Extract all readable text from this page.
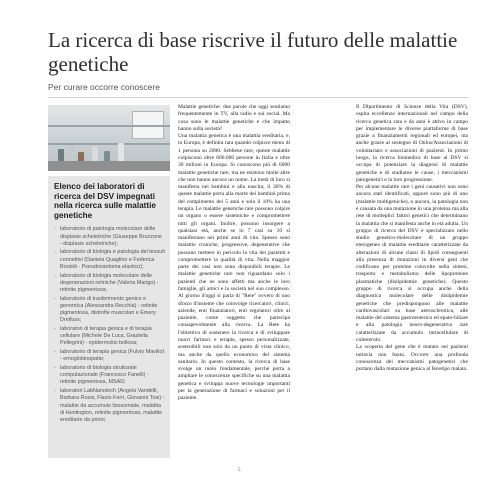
La ricerca di base riscrive il futuro delle malattie genetiche
Per curare occorre conoscere
Elenco dei laboratori di ricerca del DSV impegnati nella ricerca sulle malattie genetiche
- laboratorio di patologia molecolare delle displasie scheletriche (Giuseppe Bruzzone - displasie scheletriche);
- laboratorio di biologia e patologia dei tessuti connettivi (Daniela Quaglino e Federica Boraldi - Pseudoxantoma elastico);
- laboratorio di biologia molecolare delle degenerazioni retiniche (Valeria Marigo) - retinite pigmentosa;
- laboratorio di trasferimento genico e genomica (Alessandra Recchia) - retinite pigmentosa, distrofie muscolari e Emery Dreifuss;
- laboratori di terapia genica e di terapia cellulare (Michele De Luca, Graziella Pellegrini) - epidermolisi bollosa;
- laboratorio di terapia genica (Fulvio Mavilio) - emoglobinopatie;
- laboratorio di biologia strutturale computazionale (Francesco Fanelli) - retinite pigmentosa, MSAD;
- laboratori LabNanotech (Angela Vandelli, Barbara Rossi, Flavio Ferri, Giovanni Tosi) - malattie da accumulo lisosomiale, malattia di Huntington, retinite pigmentosa, malattie ereditarie da prioni.

Malattie genetiche: due parole che oggi sentiamo frequentemente in TV, alla radio e sui social. Ma cosa sono le malattie genetiche e che impatto hanno sulla società?

Una malattia genetica è una malattia ereditaria, e, in Europa, è definita rara quando colpisce meno di 1 persona su 2000. Sebbene rare, queste malattie colpiscono oltre 600.000 persone in Italia e oltre 30 milioni in Europa. Si conoscono più di 6000 malattie genetiche rare, ma ne esistono molte altre che non hanno ancora un nome. La metà di loro si manifesta nei bambini e alla nascita; il 30% di queste malattie porta alla morte dei bambini prima del compimento dei 5 anni e solo il 10% ha una terapia. Le malattie genetiche rare possono colpire un organo o essere sistemiche e compromettere tutti gli organi. Inoltre, possono insorgere a qualsiasi età, anche se in 7 casi su 10 si manifestano nei primi anni di vita. Spesso sono malattie croniche, progressive, degenerative che possono mettere in pericolo la vita dei pazienti e compromettere la qualità di vita. Nella maggior parte dei casi non sono disponibili terapie. Le malattie genetiche rare non riguardano solo i pazienti che ne sono affetti ma anche le loro famiglie, gli amici e la società nel suo complesso. Al giorno d'oggi si parla di "Rete" ovvero di uno sforzo d'insieme che coinvolge ricercatori, clinici, aziende, enti finanziatori, enti regolatori oltre al paziente, come soggetto che partecipa consapevolmente alla ricerca. La Rete ha l'obiettivo di sostenere la ricerca e di sviluppare nuovi farmaci e terapie, spesso personalizzate, sostenibili non solo da un punto di vista clinico, ma anche da quello economico del sistema sanitario. In questo contesto, la ricerca di base svolge un ruolo fondamentale, perché porta a ampliare le conoscenze specifiche su una malattia genetica e sviluppa nuove tecnologie importanti per la generazione di farmaci e soluzioni per il paziente.

Il Dipartimento di Scienze della Vita (DSV), ospita eccellenze internazionali nel campo della ricerca genetica rara e da anni è attivo in campo per implementare le diverse piattaforme di base grazie a finanziamenti regionali ed europei, ma anche grazie al sostegno di Onlus/Associazioni di volontariato e associazioni di pazienti. In primo luogo, la ricerca biomedica di base al DSV si occupa di potenziare la diagnosi di malattie genetiche e di studiarne le cause, i meccanismi patogenetici e la loro progressione.

Per alcune malattie rare i geni causativi non sono ancora stati identificati, oppure sono più di uno (malattie multigeniche), o ancora, la patologia non è causata da una mutazione in una proteina ma alla rete di molteplici fattori genetici che determinano la malattia che si manifesta anche in età adulta. Un gruppo di ricerca del DSV è specializzato nello studio genetico-molecolare di un gruppo eterogeneo di malattie ereditarie caratterizzate da alterazioni di alcune classi di lipidi conseguenti alla presenza di mutazioni in diversi geni che codificano per proteine coinvolte nella sintesi, trasporto e metabolismo delle lipoproteine plasmatiche (dislipidemie genetiche). Questo gruppo di ricerca si occupa anche della diagnostica molecolare delle dislipidemie genetiche che predispongono alle malattie cardiovascolari su base aterosclerotica, alle malattie del sistema gastroenterico ed epato-biliare e alla patologia neuro-degenerativa rare caratterizzate da accumulo intracellulare di colesterolo.

La scoperta del gene che è mutato nei pazienti tuttavia non basta. Occorre una profonda conoscenza dei meccanismi patogenetici che portano dalla mutazione genica al fenotipo malato.

5
